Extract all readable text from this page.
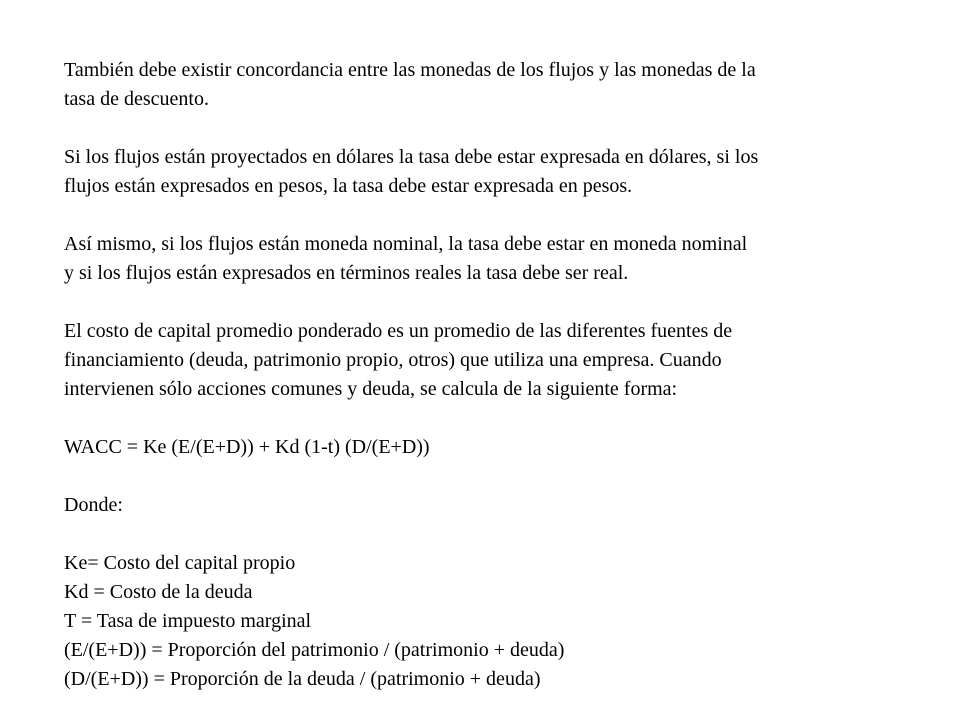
También debe existir concordancia entre las monedas de los flujos y las monedas de la
tasa de descuento.

Si los flujos están proyectados en dólares la tasa debe estar expresada en dólares, si los
flujos están expresados en pesos, la tasa debe estar expresada en pesos.

Así mismo, si los flujos están moneda nominal, la tasa debe estar en moneda nominal
y si los flujos están expresados en términos reales la tasa debe ser real.

El costo de capital promedio ponderado es un promedio de las diferentes fuentes de
financiamiento (deuda, patrimonio propio, otros) que utiliza una empresa. Cuando
intervienen sólo acciones comunes y deuda, se calcula de la siguiente forma:

WACC = Ke (E/(E+D)) + Kd (1-t) (D/(E+D))

Donde:

Ke= Costo del capital propio
Kd = Costo de la deuda
T = Tasa de impuesto marginal
(E/(E+D)) = Proporción del patrimonio / (patrimonio + deuda)
(D/(E+D)) = Proporción de la deuda / (patrimonio + deuda)
